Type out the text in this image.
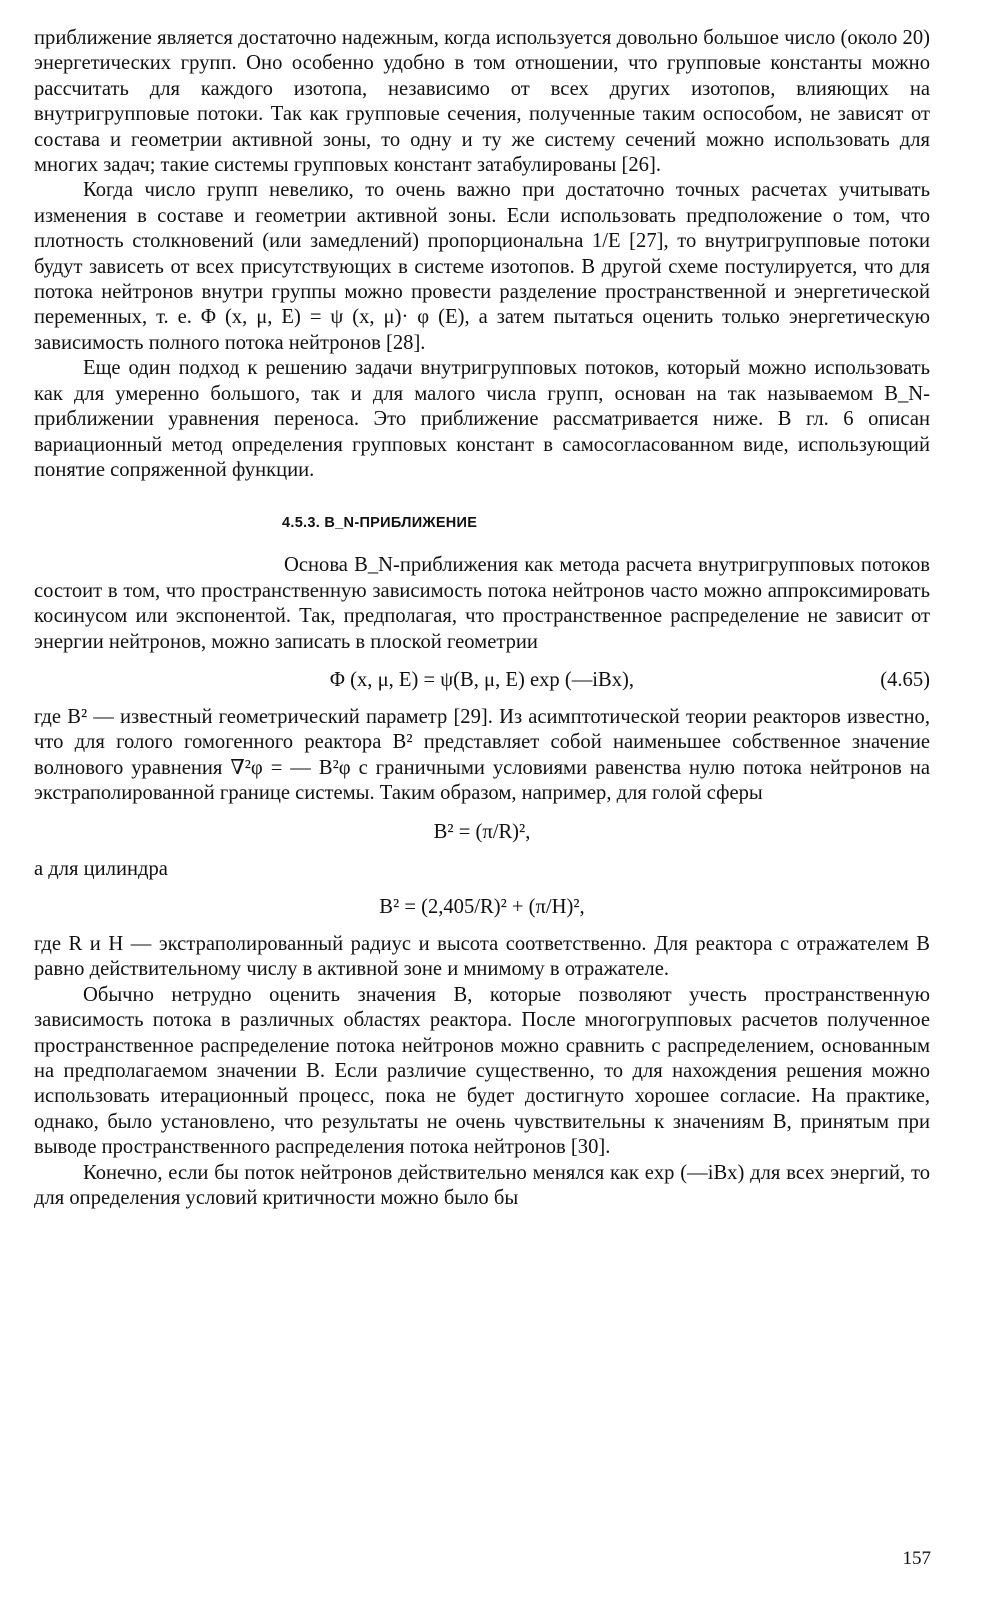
приближение является достаточно надежным, когда используется довольно большое число (около 20) энергетических групп. Оно особенно удобно в том отношении, что групповые константы можно рассчитать для каждого изотопа, независимо от всех других изотопов, влияющих на внутригрупповые потоки. Так как групповые сечения, полученные таким оспособом, не зависят от состава и геометрии активной зоны, то одну и ту же систему сечений можно использовать для многих задач; такие системы групповых констант затабулированы [26].

Когда число групп невелико, то очень важно при достаточно точных расчетах учитывать изменения в составе и геометрии активной зоны. Если использовать предположение о том, что плотность столкновений (или замедлений) пропорциональна 1/E [27], то внутригрупповые потоки будут зависеть от всех присутствующих в системе изотопов. В другой схеме постулируется, что для потока нейтронов внутри группы можно провести разделение пространственной и энергетической переменных, т. е. Φ (x, μ, E) = ψ (x, μ)· φ (E), а затем пытаться оценить только энергетическую зависимость полного потока нейтронов [28].

Еще один подход к решению задачи внутригрупповых потоков, который можно использовать как для умеренно большого, так и для малого числа групп, основан на так называемом B_N-приближении уравнения переноса. Это приближение рассматривается ниже. В гл. 6 описан вариационный метод определения групповых констант в самосогласованном виде, использующий понятие сопряженной функции.

4.5.3. B_N-ПРИБЛИЖЕНИЕ

Основа B_N-приближения как метода расчета внутригрупповых потоков состоит в том, что пространственную зависимость потока нейтронов часто можно аппроксимировать косинусом или экспонентой. Так, предполагая, что пространственное распределение не зависит от энергии нейтронов, можно записать в плоской геометрии

Φ (x, μ, E) = ψ(B, μ, E) exp (—iBx),	(4.65)

где B² — известный геометрический параметр [29]. Из асимптотической теории реакторов известно, что для голого гомогенного реактора B² представляет собой наименьшее собственное значение волнового уравнения ∇²φ = — B²φ с граничными условиями равенства нулю потока нейтронов на экстраполированной границе системы. Таким образом, например, для голой сферы

B² = (π/R)²,
а для цилиндра
B² = (2,405/R)² + (π/H)²,

где R и H — экстраполированный радиус и высота соответственно. Для реактора с отражателем B равно действительному числу в активной зоне и мнимому в отражателе.

Обычно нетрудно оценить значения B, которые позволяют учесть пространственную зависимость потока в различных областях реактора. После многогрупповых расчетов полученное пространственное распределение потока нейтронов можно сравнить с распределением, основанным на предполагаемом значении B. Если различие существенно, то для нахождения решения можно использовать итерационный процесс, пока не будет достигнуто хорошее согласие. На практике, однако, было установлено, что результаты не очень чувствительны к значениям B, принятым при выводе пространственного распределения потока нейтронов [30].

Конечно, если бы поток нейтронов действительно менялся как exp (—iBx) для всех энергий, то для определения условий критичности можно было бы

157
